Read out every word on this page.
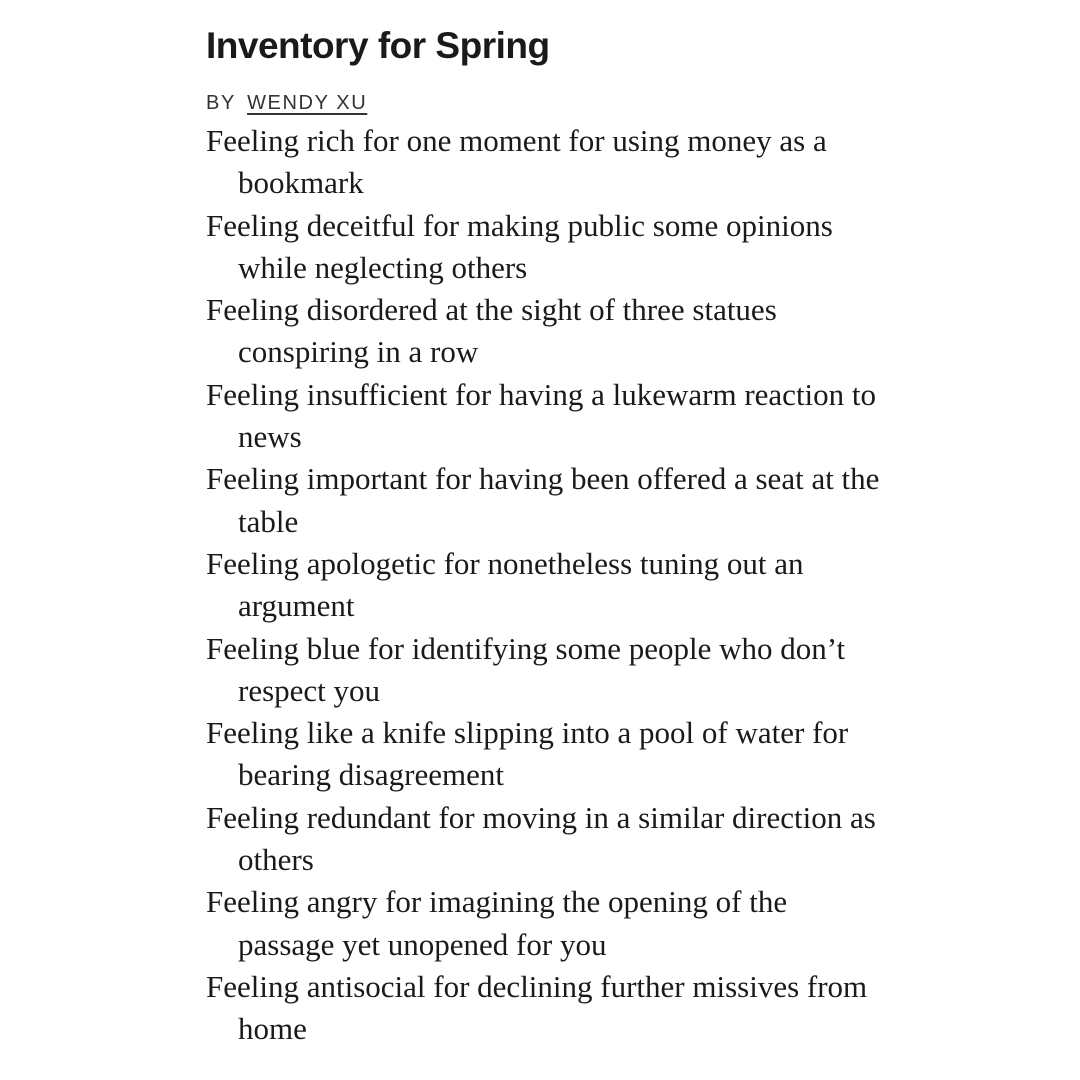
Inventory for Spring
BY WENDY XU
Feeling rich for one moment for using money as a bookmark
Feeling deceitful for making public some opinions while neglecting others
Feeling disordered at the sight of three statues conspiring in a row
Feeling insufficient for having a lukewarm reaction to news
Feeling important for having been offered a seat at the table
Feeling apologetic for nonetheless tuning out an argument
Feeling blue for identifying some people who don’t respect you
Feeling like a knife slipping into a pool of water for bearing disagreement
Feeling redundant for moving in a similar direction as others
Feeling angry for imagining the opening of the passage yet unopened for you
Feeling antisocial for declining further missives from home
